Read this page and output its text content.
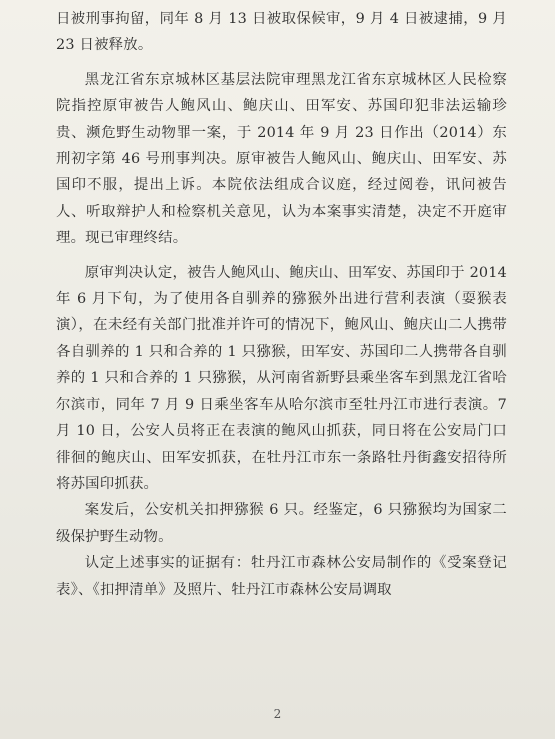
日被刑事拘留，同年 8 月 13 日被取保候审，9 月 4 日被逮捕，9 月 23 日被释放。

黑龙江省东京城林区基层法院审理黑龙江省东京城林区人民检察院指控原审被告人鲍风山、鲍庆山、田军安、苏国印犯非法运输珍贵、濒危野生动物罪一案，于 2014 年 9 月 23 日作出（2014）东刑初字第 46 号刑事判决。原审被告人鲍风山、鲍庆山、田军安、苏国印不服，提出上诉。本院依法组成合议庭，经过阅卷，讯问被告人、听取辩护人和检察机关意见，认为本案事实清楚，决定不开庭审理。现已审理终结。

原审判决认定，被告人鲍风山、鲍庆山、田军安、苏国印于 2014 年 6 月下旬，为了使用各自驯养的猕猴外出进行营利表演（耍猴表演），在未经有关部门批准并许可的情况下，鲍风山、鲍庆山二人携带各自驯养的 1 只和合养的 1 只猕猴，田军安、苏国印二人携带各自驯养的 1 只和合养的 1 只猕猴，从河南省新野县乘坐客车到黑龙江省哈尔滨市，同年 7 月 9 日乘坐客车从哈尔滨市至牡丹江市进行表演。7 月 10 日，公安人员将正在表演的鲍风山抓获，同日将在公安局门口徘徊的鲍庆山、田军安抓获，在牡丹江市东一条路牡丹街鑫安招待所将苏国印抓获。

案发后，公安机关扣押猕猴 6 只。经鉴定，6 只猕猴均为国家二级保护野生动物。

认定上述事实的证据有：牡丹江市森林公安局制作的《受案登记表》、《扣押清单》及照片、牡丹江市森林公安局调取

2
